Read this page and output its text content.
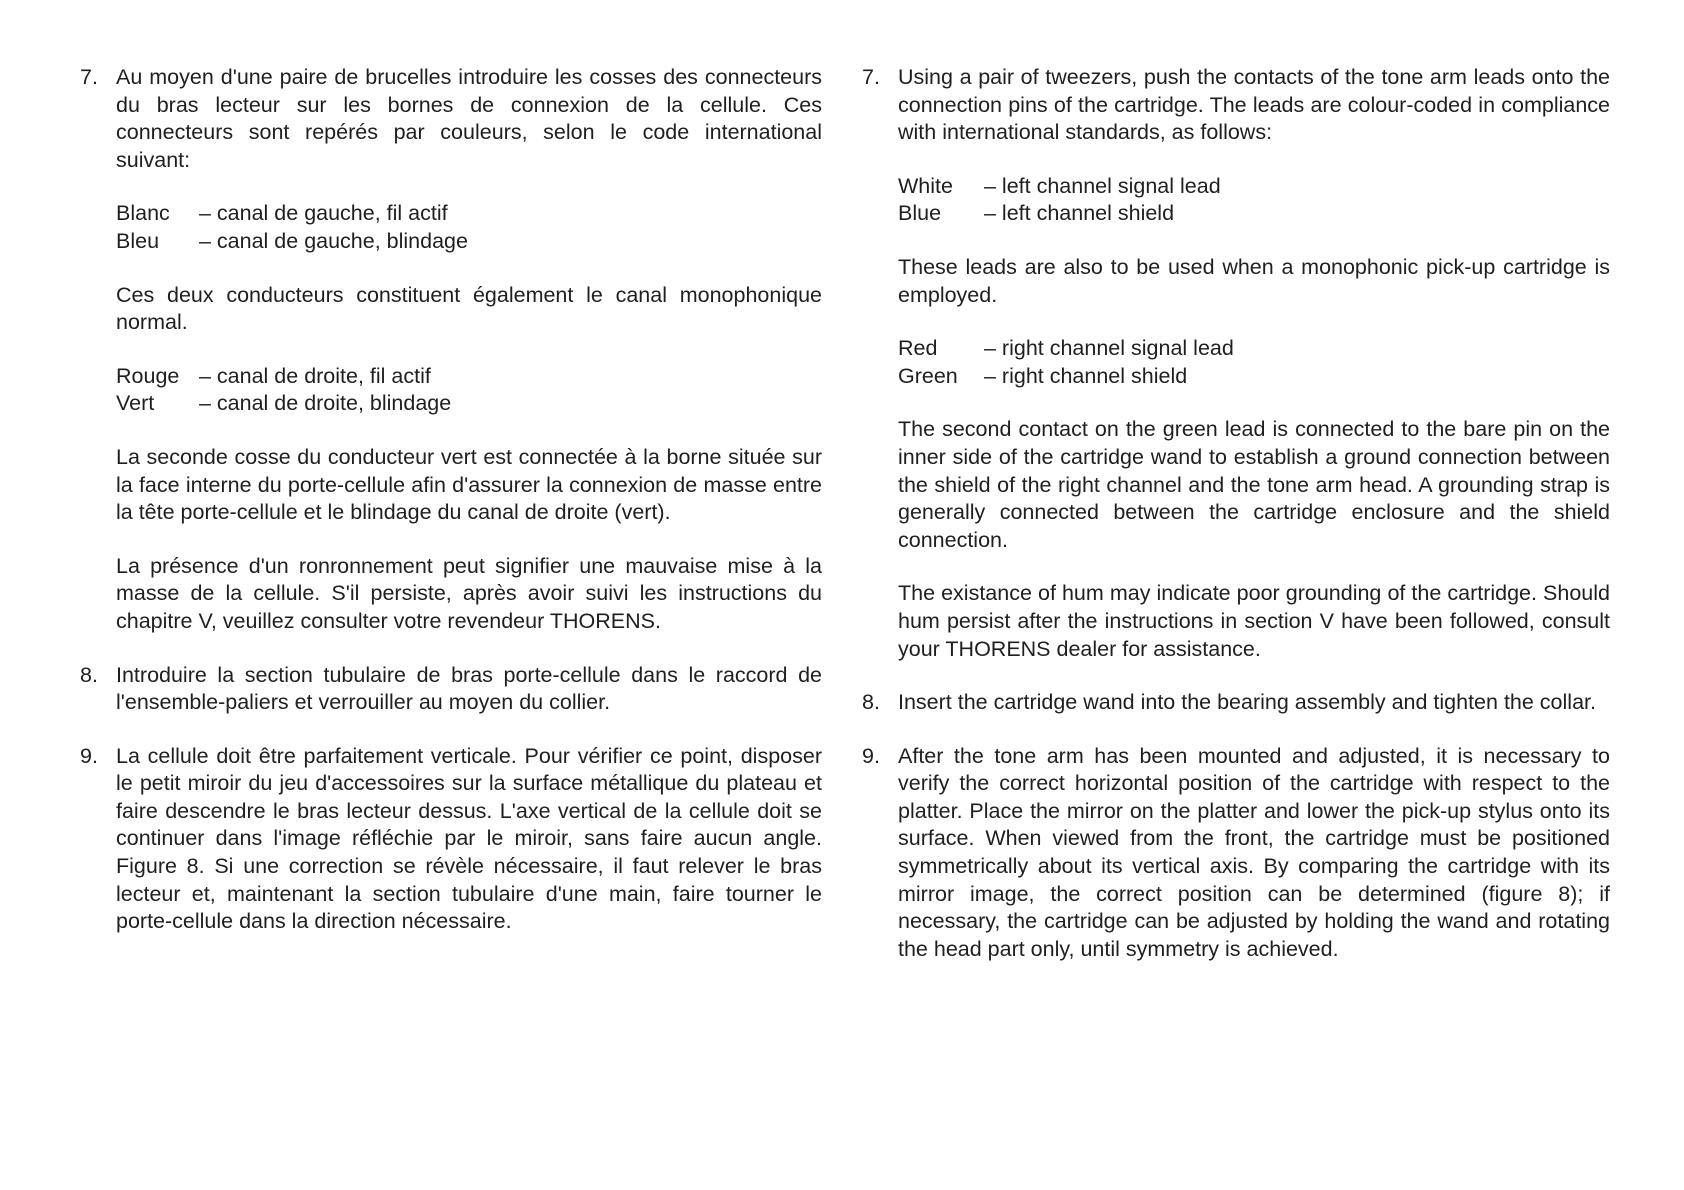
7. Au moyen d'une paire de brucelles introduire les cosses des connecteurs du bras lecteur sur les bornes de connexion de la cellule. Ces connecteurs sont repérés par couleurs, selon le code international suivant:

Blanc	– canal de gauche, fil actif
Bleu	– canal de gauche, blindage

Ces deux conducteurs constituent également le canal monophonique normal.

Rouge – canal de droite, fil actif
Vert	– canal de droite, blindage

La seconde cosse du conducteur vert est connectée à la borne située sur la face interne du porte-cellule afin d'assurer la connexion de masse entre la tête porte-cellule et le blindage du canal de droite (vert).

La présence d'un ronronnement peut signifier une mauvaise mise à la masse de la cellule. S'il persiste, après avoir suivi les instructions du chapitre V, veuillez consulter votre revendeur THORENS.

8. Introduire la section tubulaire de bras porte-cellule dans le raccord de l'ensemble-paliers et verrouiller au moyen du collier.

9. La cellule doit être parfaitement verticale. Pour vérifier ce point, disposer le petit miroir du jeu d'accessoires sur la surface métallique du plateau et faire descendre le bras lecteur dessus. L'axe vertical de la cellule doit se continuer dans l'image réfléchie par le miroir, sans faire aucun angle. Figure 8. Si une correction se révèle nécessaire, il faut relever le bras lecteur et, maintenant la section tubulaire d'une main, faire tourner le porte-cellule dans la direction nécessaire.

7. Using a pair of tweezers, push the contacts of the tone arm leads onto the connection pins of the cartridge. The leads are colour-coded in compliance with international standards, as follows:

White	– left channel signal lead
Blue	– left channel shield

These leads are also to be used when a monophonic pick-up cartridge is employed.

Red	– right channel signal lead
Green	– right channel shield

The second contact on the green lead is connected to the bare pin on the inner side of the cartridge wand to establish a ground connection between the shield of the right channel and the tone arm head. A grounding strap is generally connected between the cartridge enclosure and the shield connection.

The existance of hum may indicate poor grounding of the cartridge. Should hum persist after the instructions in section V have been followed, consult your THORENS dealer for assistance.

8. Insert the cartridge wand into the bearing assembly and tighten the collar.

9. After the tone arm has been mounted and adjusted, it is necessary to verify the correct horizontal position of the cartridge with respect to the platter. Place the mirror on the platter and lower the pick-up stylus onto its surface. When viewed from the front, the cartridge must be positioned symmetrically about its vertical axis. By comparing the cartridge with its mirror image, the correct position can be determined (figure 8); if necessary, the cartridge can be adjusted by holding the wand and rotating the head part only, until symmetry is achieved.
